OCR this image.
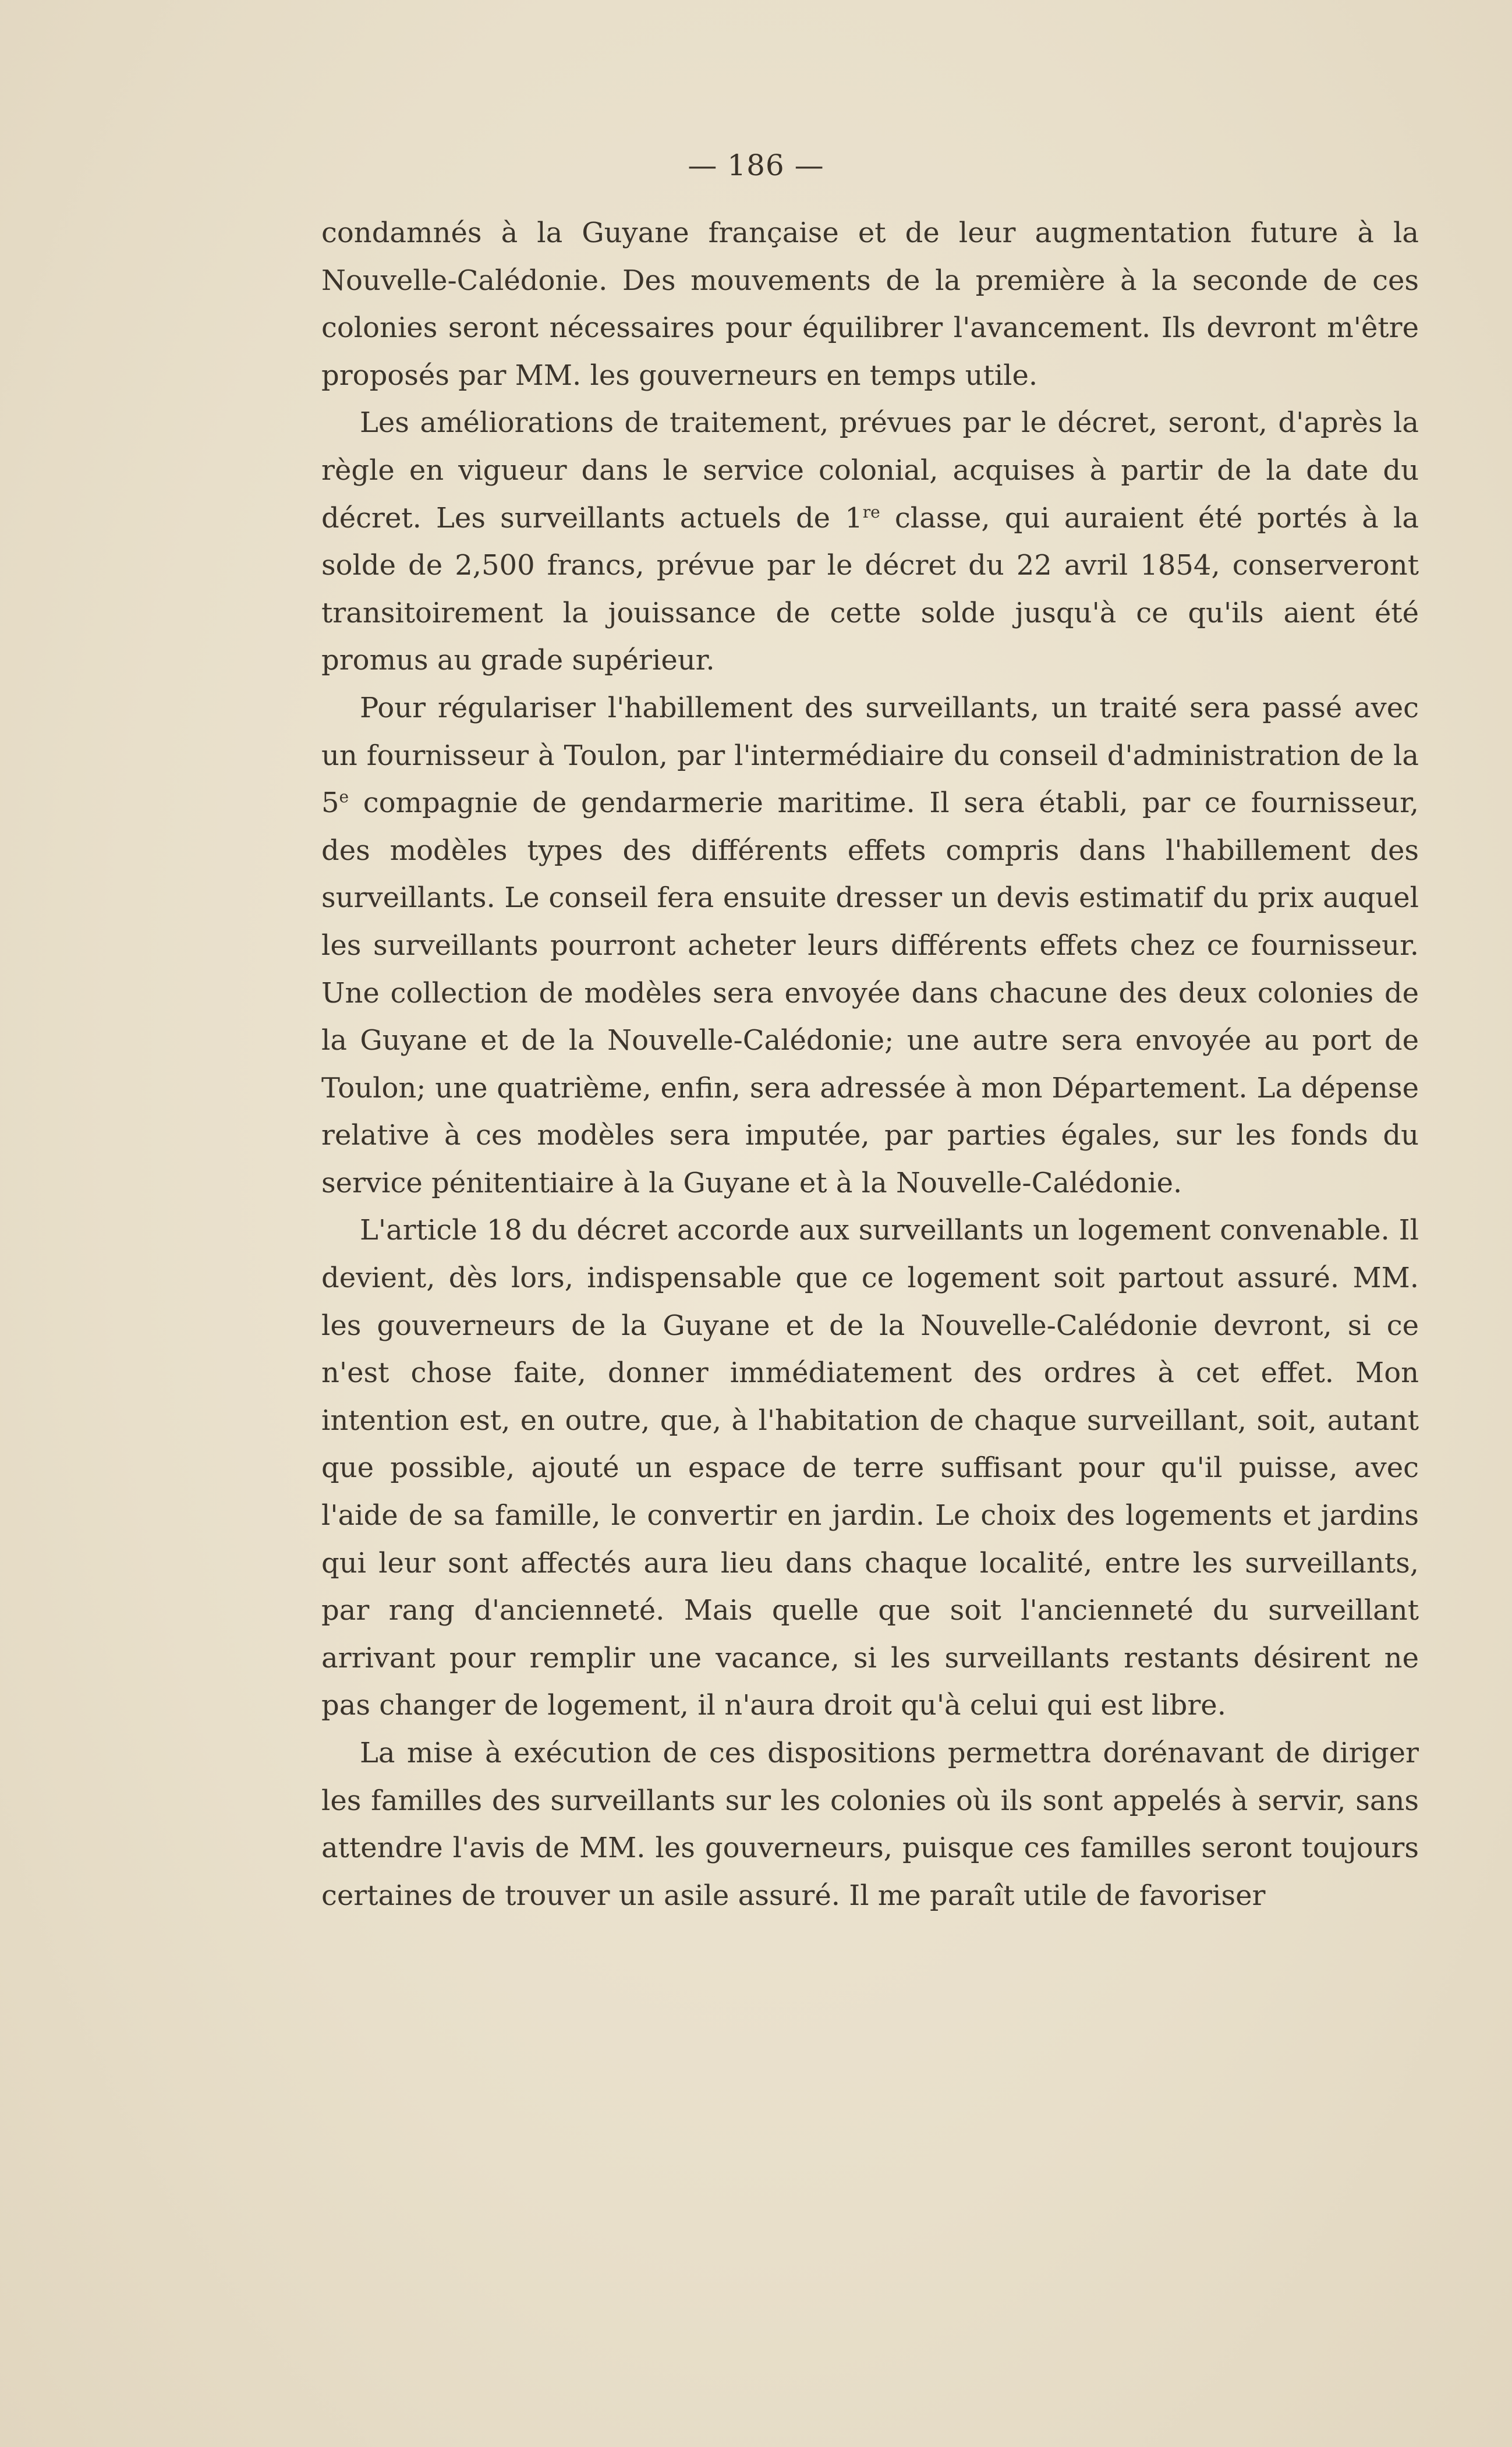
— 186 —

condamnés à la Guyane française et de leur augmentation future à la Nouvelle-Calédonie. Des mouvements de la première à la seconde de ces colonies seront nécessaires pour équilibrer l'avancement. Ils devront m'être proposés par MM. les gouverneurs en temps utile.

Les améliorations de traitement, prévues par le décret, seront, d'après la règle en vigueur dans le service colonial, acquises à partir de la date du décret. Les surveillants actuels de 1re classe, qui auraient été portés à la solde de 2,500 francs, prévue par le décret du 22 avril 1854, conserveront transitoirement la jouissance de cette solde jusqu'à ce qu'ils aient été promus au grade supérieur.

Pour régulariser l'habillement des surveillants, un traité sera passé avec un fournisseur à Toulon, par l'intermédiaire du conseil d'administration de la 5e compagnie de gendarmerie maritime. Il sera établi, par ce fournisseur, des modèles types des différents effets compris dans l'habillement des surveillants. Le conseil fera ensuite dresser un devis estimatif du prix auquel les surveillants pourront acheter leurs différents effets chez ce fournisseur. Une collection de modèles sera envoyée dans chacune des deux colonies de la Guyane et de la Nouvelle-Calédonie; une autre sera envoyée au port de Toulon; une quatrième, enfin, sera adressée à mon Département. La dépense relative à ces modèles sera imputée, par parties égales, sur les fonds du service pénitentiaire à la Guyane et à la Nouvelle-Calédonie.

L'article 18 du décret accorde aux surveillants un logement convenable. Il devient, dès lors, indispensable que ce logement soit partout assuré. MM. les gouverneurs de la Guyane et de la Nouvelle-Calédonie devront, si ce n'est chose faite, donner immédiatement des ordres à cet effet. Mon intention est, en outre, que, à l'habitation de chaque surveillant, soit, autant que possible, ajouté un espace de terre suffisant pour qu'il puisse, avec l'aide de sa famille, le convertir en jardin. Le choix des logements et jardins qui leur sont affectés aura lieu dans chaque localité, entre les surveillants, par rang d'ancienneté. Mais quelle que soit l'ancienneté du surveillant arrivant pour remplir une vacance, si les surveillants restants désirent ne pas changer de logement, il n'aura droit qu'à celui qui est libre.

La mise à exécution de ces dispositions permettra dorénavant de diriger les familles des surveillants sur les colonies où ils sont appelés à servir, sans attendre l'avis de MM. les gouverneurs, puisque ces familles seront toujours certaines de trouver un asile assuré. Il me paraît utile de favoriser
